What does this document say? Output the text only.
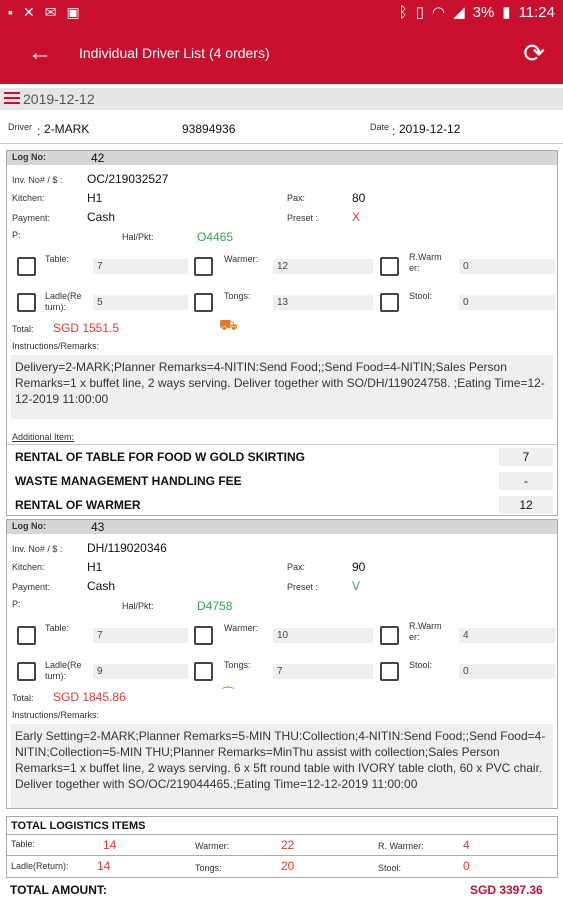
▪ ✕ ✉ ▣	ᛒ ▯ ◠ ◢ 3% ▮ 11:24
← Individual Driver List (4 orders)	⟳
2019-12-12
Driver : 2-MARK	93894936	Date : 2019-12-12
Log No:	42
Inv. No# / $ : OC/219032527
Kitchen:	H1	Pax:	80
Payment:	Cash	Preset :	X
P:	Hal/Pkt:	O4465
Table:
7
Warmer:
12
R.Warm
er:	0
Ladle(Re
turn):	5
Tongs:
13
Stool:
0
Total: SGD 1551.5	⛟
Instructions/Remarks:
Delivery=2-MARK;Planner Remarks=4-NITIN:Send Food;;Send Food=4-NITIN;Sales Person Remarks=1 x buffet line, 2 ways serving. Deliver together with SO/DH/119024758. ;Eating Time=12-12-2019 11:00:00
Additional Item:
RENTAL OF TABLE FOR FOOD W GOLD SKIRTING	7
WASTE MANAGEMENT HANDLING FEE	-
RENTAL OF WARMER	12
Log No:	43
Inv. No# / $ : DH/119020346
Kitchen:	H1	Pax:	90
Payment:	Cash	Preset :	V
P:	Hal/Pkt:	D4758
Table:
7
Warmer:
10
R.Warm
er:	4
Ladle(Re
turn):	9
Tongs:
7
Stool:
0
Total: SGD 1845.86	⌒
Instructions/Remarks:
Early Setting=2-MARK;Planner Remarks=5-MIN THU:Collection;4-NITIN:Send Food;;Send Food=4-NITIN;Collection=5-MIN THU;Planner Remarks=MinThu assist with collection;Sales Person Remarks=1 x buffet line, 2 ways serving. 6 x 5ft round table with IVORY table cloth, 60 x PVC chair. Deliver together with SO/OC/219044465.;Eating Time=12-12-2019 11:00:00
TOTAL LOGISTICS ITEMS
Table:	14	Warmer:	22	R. Warmer:	4
Ladle(Return): 14	Tongs:	20	Stool:	0
TOTAL AMOUNT:	SGD 3397.36
